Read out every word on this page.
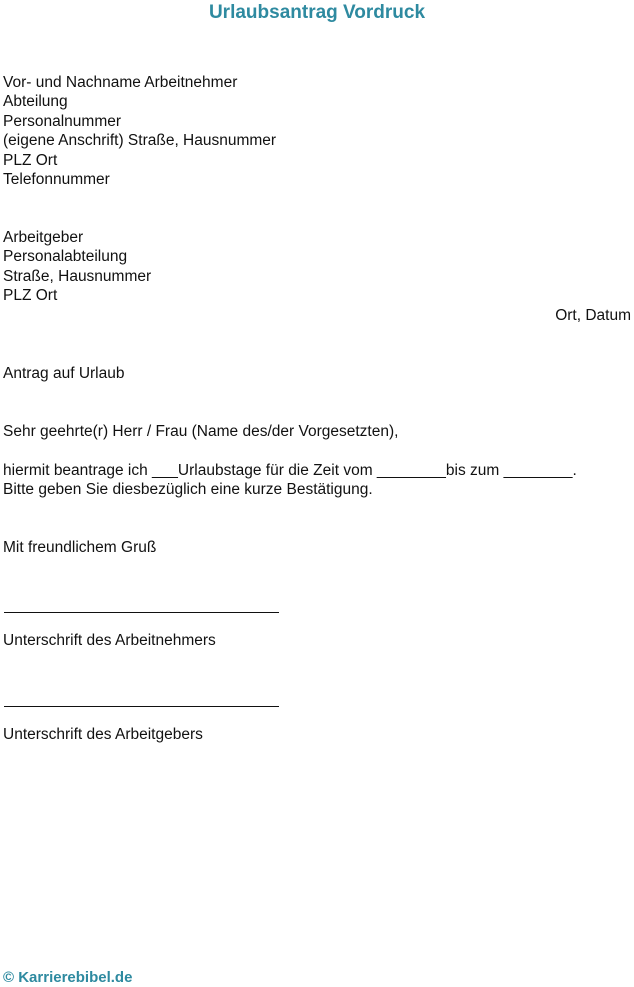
Urlaubsantrag Vordruck
Vor- und Nachname Arbeitnehmer
Abteilung
Personalnummer
(eigene Anschrift) Straße, Hausnummer
PLZ Ort
Telefonnummer
Arbeitgeber
Personalabteilung
Straße, Hausnummer
PLZ Ort
Ort, Datum
Antrag auf Urlaub
Sehr geehrte(r) Herr / Frau (Name des/der Vorgesetzten),
hiermit beantrage ich ___Urlaubstage für die Zeit vom ________bis zum ________.
Bitte geben Sie diesbezüglich eine kurze Bestätigung.
Mit freundlichem Gruß
Unterschrift des Arbeitnehmers
Unterschrift des Arbeitgebers
© Karrierebibel.de
